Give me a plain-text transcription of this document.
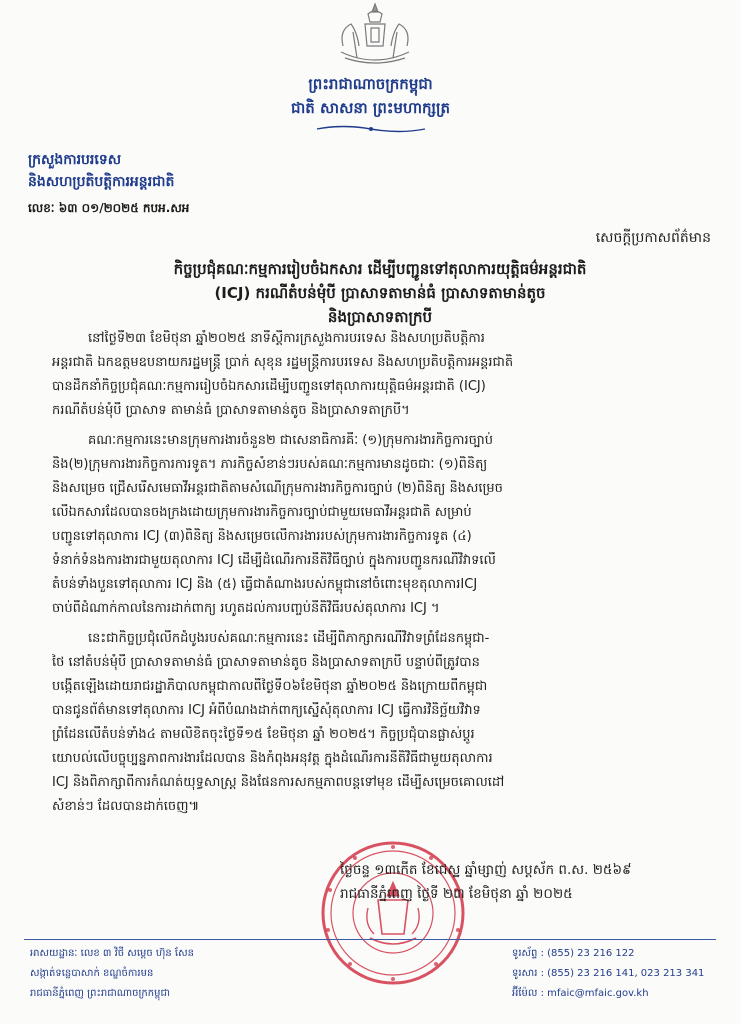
ព្រះរាជាណាចក្រកម្ពុជា
ជាតិ សាសនា ព្រះមហាក្សត្រ
ក្រសួងការបរទេស
និងសហប្រតិបត្តិការអន្តរជាតិ
លេខៈ ៦៣ ០១/២០២៥ កបអ.សអ
សេចក្តីប្រកាសព័ត៌មាន
កិច្ចប្រជុំគណៈកម្មការរៀបចំឯកសារ ដើម្បីបញ្ជូនទៅតុលាការយុត្តិធម៌អន្តរជាតិ
(ICJ) ករណីតំបន់មុំបី ប្រាសាទតាមាន់ធំ ប្រាសាទតាមាន់តូច
និងប្រាសាទតាក្របី
នៅថ្ងៃទី២៣ ខែមិថុនា ឆ្នាំ២០២៥ នាទីស្តីការក្រសួងការបរទេស និងសហប្រតិបត្តិការ
អន្តរជាតិ ឯកឧត្តមឧបនាយករដ្ឋមន្ត្រី ប្រាក់ សុខុន រដ្ឋមន្ត្រីការបរទេស និងសហប្រតិបត្តិការអន្តរជាតិ
បានដឹកនាំកិច្ចប្រជុំគណៈកម្មការរៀបចំឯកសារដើម្បីបញ្ជូនទៅតុលាការយុត្តិធម៌អន្តរជាតិ (ICJ)
ករណីតំបន់មុំបី ប្រាសាទ តាមាន់ធំ ប្រាសាទតាមាន់តូច និងប្រាសាទតាក្របី។
គណៈកម្មការនេះមានក្រុមការងារចំនួន២ ជាសេនាធិការគឺៈ (១)ក្រុមការងារកិច្ចការច្បាប់
និង(២)ក្រុមការងារកិច្ចការការទូត។ ភារកិច្ចសំខាន់ៗរបស់គណៈកម្មការមានដូចជាៈ (១)ពិនិត្យ
និងសម្រេច ជ្រើសរើសមេធាវីអន្តរជាតិតាមសំណើក្រុមការងារកិច្ចការច្បាប់ (២)ពិនិត្យ និងសម្រេច
លើឯកសារដែលបានចងក្រងដោយក្រុមការងារកិច្ចការច្បាប់ជាមួយមេធាវីអន្តរជាតិ សម្រាប់
បញ្ជូនទៅតុលាការ ICJ (៣)ពិនិត្យ និងសម្រេចលើការងាររបស់ក្រុមការងារកិច្ចការទូត (៤)
ទំនាក់ទំនងការងារជាមួយតុលាការ ICJ ដើម្បីដំណើរការនីតិវិធីច្បាប់ ក្នុងការបញ្ជូនករណីវិវាទលើ
តំបន់ទាំងបួនទៅតុលាការ ICJ និង (៥) ធ្វើជាតំណាងរបស់កម្ពុជានៅចំពោះមុខតុលាការICJ
ចាប់ពីដំណាក់កាលនៃការដាក់ពាក្យ រហូតដល់ការបញ្ចប់នីតិវិធីរបស់តុលាការ ICJ ។
នេះជាកិច្ចប្រជុំលើកដំបូងរបស់គណៈកម្មការនេះ ដើម្បីពិភាក្សាករណីវិវាទព្រំដែនកម្ពុជា-
ថៃ នៅតំបន់មុំបី ប្រាសាទតាមាន់ធំ ប្រាសាទតាមាន់តូច និងប្រាសាទតាក្របី បន្ទាប់ពីត្រូវបាន
បង្កើតឡើងដោយរាជរដ្ឋាភិបាលកម្ពុជាកាលពីថ្ងៃទី០៦ខែមិថុនា ឆ្នាំ២០២៥ និងក្រោយពីកម្ពុជា
បានជូនព័ត៌មានទៅតុលាការ ICJ អំពីបំណងដាក់ពាក្យស្នើសុំតុលាការ ICJ ធ្វើការវិនិច្ឆ័យវិវាទ
ព្រំដែនលើតំបន់ទាំង៤ តាមលិខិតចុះថ្ងៃទី១៥ ខែមិថុនា ឆ្នាំ ២០២៥។ កិច្ចប្រជុំបានផ្លាស់ប្តូរ
យោបល់លើបច្ចុប្បន្នភាពការងារដែលបាន និងកំពុងអនុវត្ត ក្នុងដំណើរការនីតិវិធីជាមួយតុលាការ
ICJ និងពិភាក្សាពីការកំណត់យុទ្ធសាស្ត្រ និងផែនការសកម្មភាពបន្តទៅមុខ ដើម្បីសម្រេចគោលដៅ
សំខាន់ៗ ដែលបានដាក់ចេញ៕
ថ្ងៃចន្ទ ១៣កើត ខែជេស្ឋ ឆ្នាំម្សាញ់ សប្តស័ក ព.ស. ២៥៦៩
រាជធានីភ្នំពេញ ថ្ងៃទី ២៣ ខែមិថុនា ឆ្នាំ ២០២៥
អាសយដ្ឋានៈ លេខ ៣ វិថី សម្តេច ហ៊ុន សែន
សង្កាត់ទន្លេបាសាក់ ខណ្ឌចំការមន
រាជធានីភ្នំពេញ ព្រះរាជាណាចក្រកម្ពុជា
ទូរស័ព្ទ : (855) 23 216 122
ទូរសារ : (855) 23 216 141, 023 213 341
អ៊ីម៉ែល : mfaic@mfaic.gov.kh
